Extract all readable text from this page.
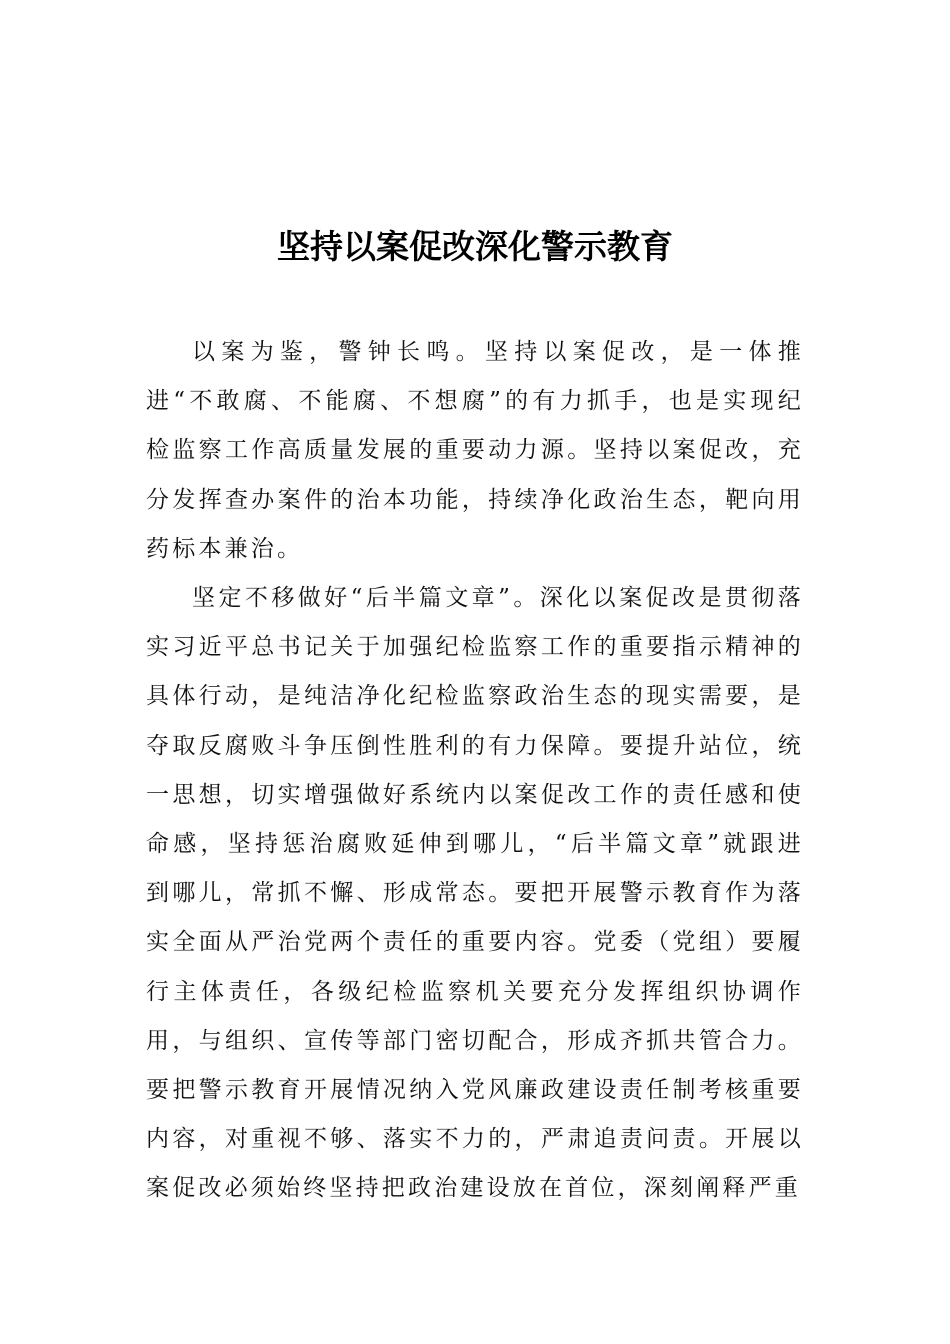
坚持以案促改深化警示教育

以案为鉴，警钟长鸣。坚持以案促改，是一体推进“不敢腐、不能腐、不想腐”的有力抓手，也是实现纪检监察工作高质量发展的重要动力源。坚持以案促改，充分发挥查办案件的治本功能，持续净化政治生态，靶向用药标本兼治。

坚定不移做好“后半篇文章”。深化以案促改是贯彻落实习近平总书记关于加强纪检监察工作的重要指示精神的具体行动，是纯洁净化纪检监察政治生态的现实需要，是夺取反腐败斗争压倒性胜利的有力保障。要提升站位，统一思想，切实增强做好系统内以案促改工作的责任感和使命感，坚持惩治腐败延伸到哪儿，“后半篇文章”就跟进到哪儿，常抓不懈、形成常态。要把开展警示教育作为落实全面从严治党两个责任的重要内容。党委（党组）要履行主体责任，各级纪检监察机关要充分发挥组织协调作用，与组织、宣传等部门密切配合，形成齐抓共管合力。要把警示教育开展情况纳入党风廉政建设责任制考核重要内容，对重视不够、落实不力的，严肃追责问责。开展以案促改必须始终坚持把政治建设放在首位，深刻阐释严重
